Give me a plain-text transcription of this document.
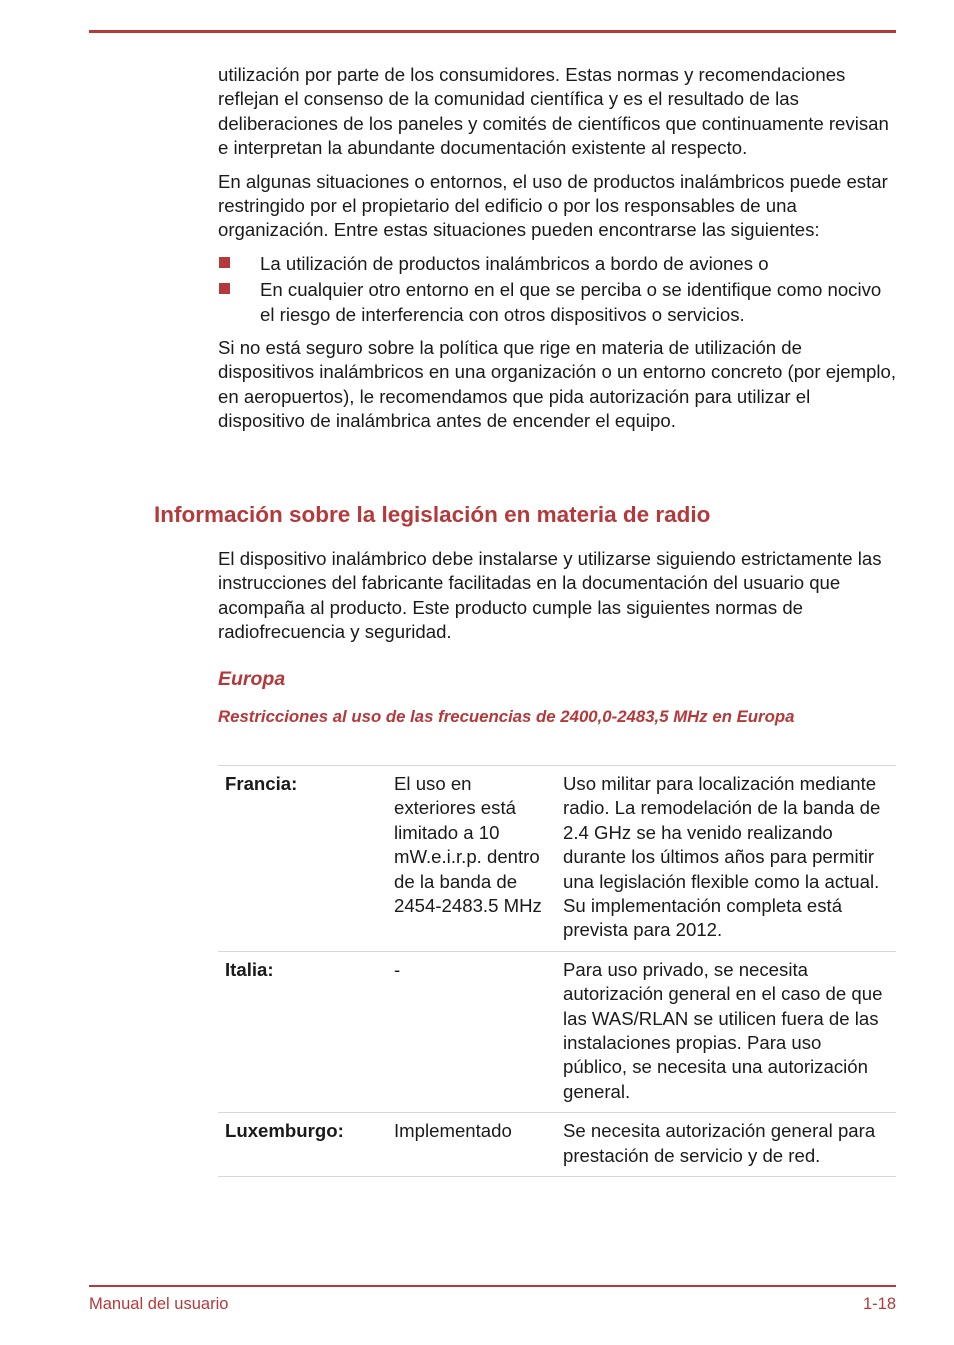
utilización por parte de los consumidores. Estas normas y recomendaciones reflejan el consenso de la comunidad científica y es el resultado de las deliberaciones de los paneles y comités de científicos que continuamente revisan e interpretan la abundante documentación existente al respecto.

En algunas situaciones o entornos, el uso de productos inalámbricos puede estar restringido por el propietario del edificio o por los responsables de una organización. Entre estas situaciones pueden encontrarse las siguientes:

La utilización de productos inalámbricos a bordo de aviones o
En cualquier otro entorno en el que se perciba o se identifique como nocivo el riesgo de interferencia con otros dispositivos o servicios.

Si no está seguro sobre la política que rige en materia de utilización de dispositivos inalámbricos en una organización o un entorno concreto (por ejemplo, en aeropuertos), le recomendamos que pida autorización para utilizar el dispositivo de inalámbrica antes de encender el equipo.

Información sobre la legislación en materia de radio

El dispositivo inalámbrico debe instalarse y utilizarse siguiendo estrictamente las instrucciones del fabricante facilitadas en la documentación del usuario que acompaña al producto. Este producto cumple las siguientes normas de radiofrecuencia y seguridad.

Europa
Restricciones al uso de las frecuencias de 2400,0-2483,5 MHz en Europa
Francia:	El uso en exteriores está limitado a 10 mW.e.i.r.p. dentro de la banda de 2454-2483.5 MHz	Uso militar para localización mediante radio. La remodelación de la banda de 2.4 GHz se ha venido realizando durante los últimos años para permitir una legislación flexible como la actual. Su implementación completa está prevista para 2012.
Italia:	-	Para uso privado, se necesita autorización general en el caso de que las WAS/RLAN se utilicen fuera de las instalaciones propias. Para uso público, se necesita una autorización general.
Luxemburgo:	Implementado	Se necesita autorización general para prestación de servicio y de red.
Manual del usuario	1-18
